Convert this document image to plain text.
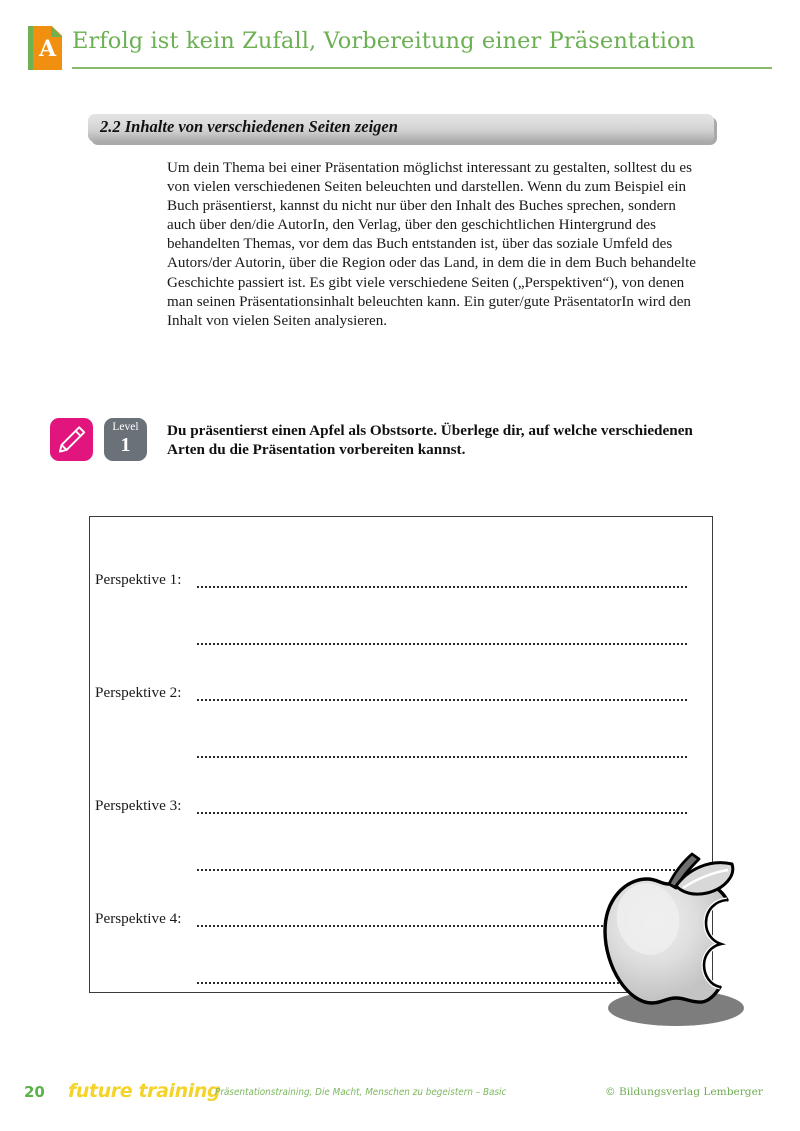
A Erfolg ist kein Zufall, Vorbereitung einer Präsentation
2.2 Inhalte von verschiedenen Seiten zeigen
Um dein Thema bei einer Präsentation möglichst interessant zu gestalten, solltest du es von vielen verschiedenen Seiten beleuchten und darstellen. Wenn du zum Beispiel ein Buch präsentierst, kannst du nicht nur über den Inhalt des Buches sprechen, sondern auch über den/die AutorIn, den Verlag, über den geschichtlichen Hintergrund des behandelten Themas, vor dem das Buch entstanden ist, über das soziale Umfeld des Autors/der Autorin, über die Region oder das Land, in dem die in dem Buch behandelte Geschichte passiert ist. Es gibt viele verschiedene Seiten („Perspektiven“), von denen man seinen Präsentationsinhalt beleuchten kann. Ein guter/gute PräsentatorIn wird den Inhalt von vielen Seiten analysieren.
Level
1
Du präsentierst einen Apfel als Obstsorte. Überlege dir, auf welche verschiedenen Arten du die Präsentation vorbereiten kannst.
Perspektive 1:
Perspektive 2:
Perspektive 3:
Perspektive 4:
20 future training
Präsentationstraining, Die Macht, Menschen zu begeistern – Basic	© Bildungsverlag Lemberger
